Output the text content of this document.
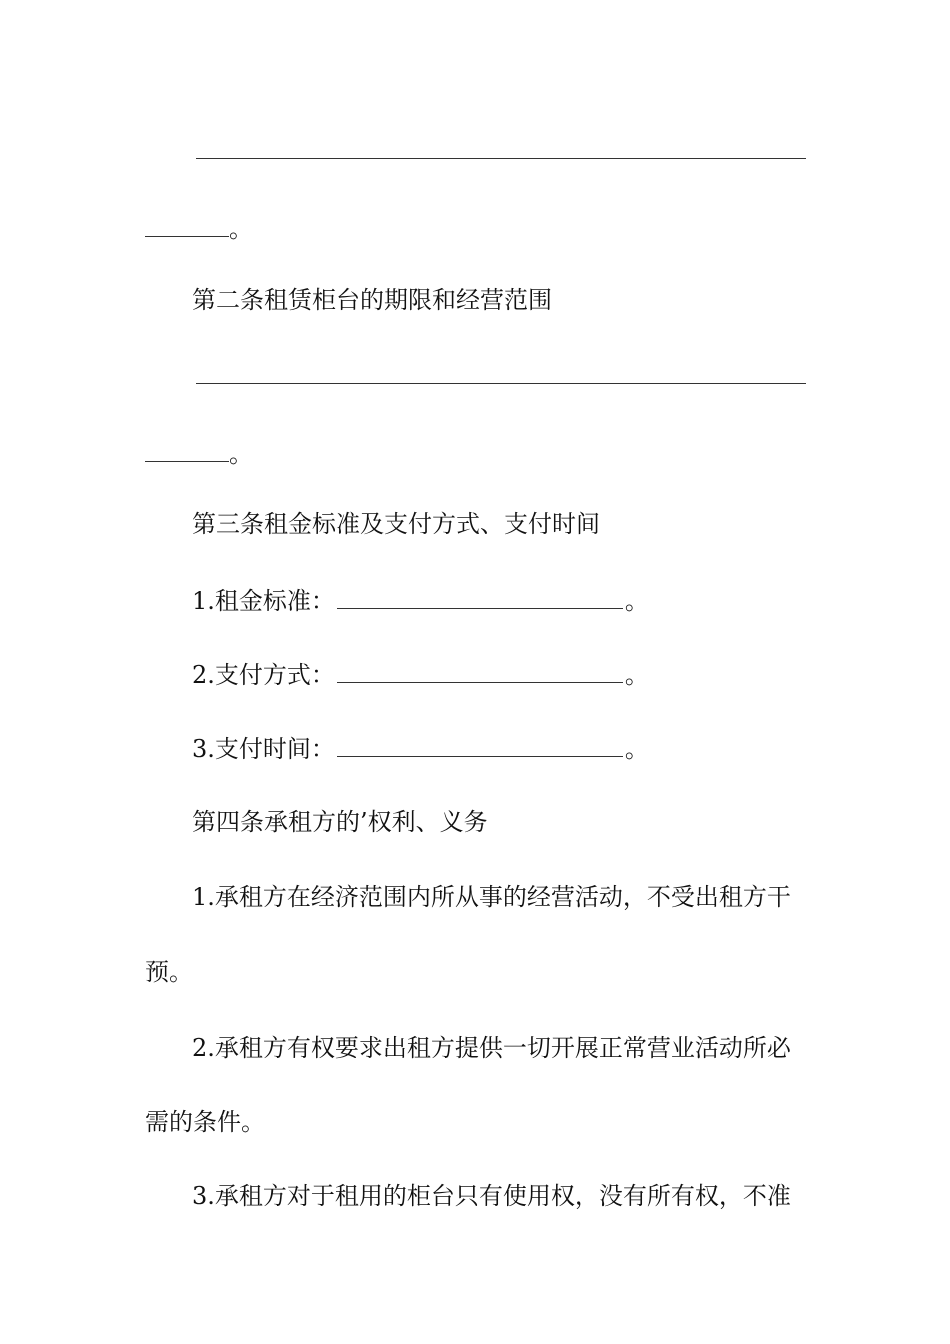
。
第二条租赁柜台的期限和经营范围
。
第三条租金标准及支付方式、支付时间
1.租金标准：	。
2.支付方式：	。
3.支付时间：	。
第四条承租方的’权利、义务
1.承租方在经济范围内所从事的经营活动，不受出租方干
预。
2.承租方有权要求出租方提供一切开展正常营业活动所必
需的条件。
3.承租方对于租用的柜台只有使用权，没有所有权，不准
